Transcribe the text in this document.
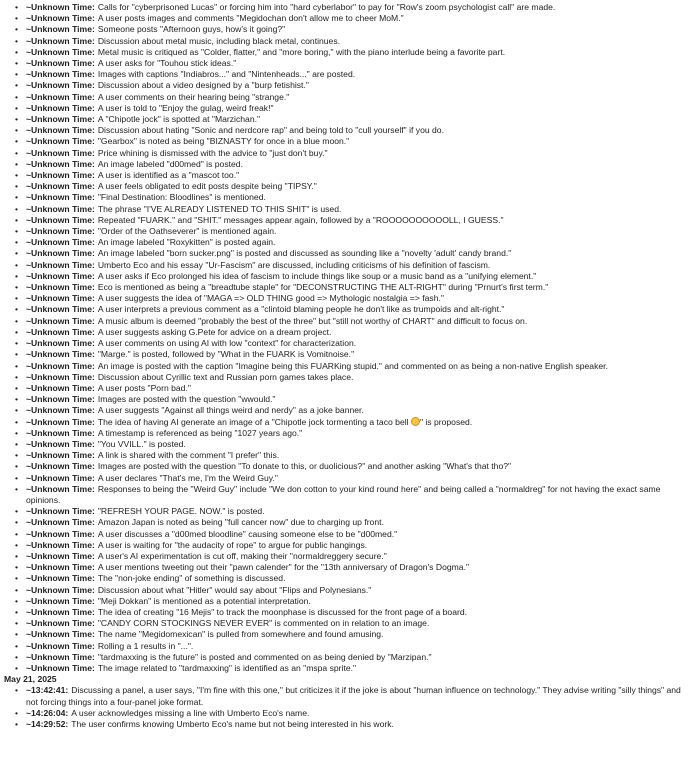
• ~Unknown Time: Calls for "cyberprisoned Lucas" or forcing him into "hard cyberlabor" to pay for "Row's zoom psychologist call" are made.
• ~Unknown Time: A user posts images and comments "Megidochan don't allow me to cheer MoM."
• ~Unknown Time: Someone posts "Afternoon guys, how's it going?"
• ~Unknown Time: Discussion about metal music, including black metal, continues.
• ~Unknown Time: Metal music is critiqued as "Colder, flatter," and "more boring," with the piano interlude being a favorite part.
• ~Unknown Time: A user asks for "Touhou stick ideas."
• ~Unknown Time: Images with captions "Indiabros..." and "Nintenheads..." are posted.
• ~Unknown Time: Discussion about a video designed by a "burp fetishist."
• ~Unknown Time: A user comments on their hearing being "strange."
• ~Unknown Time: A user is told to "Enjoy the gulag, weird freak!"
• ~Unknown Time: A "Chipotle jock" is spotted at "Marzichan."
• ~Unknown Time: Discussion about hating "Sonic and nerdcore rap" and being told to "cull yourself" if you do.
• ~Unknown Time: "Gearbox" is noted as being "BIZNASTY for once in a blue moon."
• ~Unknown Time: Price whining is dismissed with the advice to "just don't buy."
• ~Unknown Time: An image labeled "d00med" is posted.
• ~Unknown Time: A user is identified as a "mascot too."
• ~Unknown Time: A user feels obligated to edit posts despite being "TIPSY."
• ~Unknown Time: "Final Destination: Bloodlines" is mentioned.
• ~Unknown Time: The phrase "I'VE ALREADY LISTENED TO THIS SHIT" is used.
• ~Unknown Time: Repeated "FUARK." and "SHIT." messages appear again, followed by a "ROOOOOOOOOOLL, I GUESS."
• ~Unknown Time: "Order of the Oathseverer" is mentioned again.
• ~Unknown Time: An image labeled "Roxykitten" is posted again.
• ~Unknown Time: An image labeled "born sucker.png" is posted and discussed as sounding like a "novelty 'adult' candy brand."
• ~Unknown Time: Umberto Eco and his essay "Ur-Fascism" are discussed, including criticisms of his definition of fascism.
• ~Unknown Time: A user asks if Eco prolonged his idea of fascism to include things like soup or a music band as a "unifying element."
• ~Unknown Time: Eco is mentioned as being a "breadtube staple" for "DECONSTRUCTING THE ALT-RIGHT" during "Prnurt's first term."
• ~Unknown Time: A user suggests the idea of "MAGA => OLD THING good => Mythologic nostalgia => fash."
• ~Unknown Time: A user interprets a previous comment as a "clintoid blaming people he don't like as trumpoids and alt-right."
• ~Unknown Time: A music album is deemed "probably the best of the three" but "still not worthy of CHART" and difficult to focus on.
• ~Unknown Time: A user suggests asking G.Pete for advice on a dream project.
• ~Unknown Time: A user comments on using AI with low "context" for characterization.
• ~Unknown Time: "Marge." is posted, followed by "What in the FUARK is Vomitnoise."
• ~Unknown Time: An image is posted with the caption "Imagine being this FUARKing stupid." and commented on as being a non-native English speaker.
• ~Unknown Time: Discussion about Cyrillic text and Russian porn games takes place.
• ~Unknown Time: A user posts "Porn bad."
• ~Unknown Time: Images are posted with the question "wwould."
• ~Unknown Time: A user suggests "Against all things weird and nerdy" as a joke banner.
• ~Unknown Time: The idea of having AI generate an image of a "Chipotle jock tormenting a taco bell " is proposed.
• ~Unknown Time: A timestamp is referenced as being "1027 years ago."
• ~Unknown Time: "You VVILL." is posted.
• ~Unknown Time: A link is shared with the comment "I prefer" this.
• ~Unknown Time: Images are posted with the question "To donate to this, or duolicious?" and another asking "What's that tho?"
• ~Unknown Time: A user declares "That's me, I'm the Weird Guy."
• ~Unknown Time: Responses to being the "Weird Guy" include "We don cotton to your kind round here" and being called a "normaldreg" for not having the exact same opinions.
• ~Unknown Time: "REFRESH YOUR PAGE. NOW." is posted.
• ~Unknown Time: Amazon Japan is noted as being "full cancer now" due to charging up front.
• ~Unknown Time: A user discusses a "d00med bloodline" causing someone else to be "d00med."
• ~Unknown Time: A user is waiting for "the audacity of rope" to argue for public hangings.
• ~Unknown Time: A user's AI experimentation is cut off, making their "normaldreggery secure."
• ~Unknown Time: A user mentions tweeting out their "pawn calender" for the "13th anniversary of Dragon's Dogma."
• ~Unknown Time: The "non-joke ending" of something is discussed.
• ~Unknown Time: Discussion about what "Hitler" would say about "Flips and Polynesians."
• ~Unknown Time: "Meji Dokkan" is mentioned as a potential interpretation.
• ~Unknown Time: The idea of creating "16 Mejis" to track the moonphase is discussed for the front page of a board.
• ~Unknown Time: "CANDY CORN STOCKINGS NEVER EVER" is commented on in relation to an image.
• ~Unknown Time: The name "Megidomexican" is pulled from somewhere and found amusing.
• ~Unknown Time: Rolling a 1 results in "...".
• ~Unknown Time: "tardmaxxing is the future" is posted and commented on as being denied by "Marzipan."
• ~Unknown Time: The image related to "tardmaxxing" is identified as an "mspa sprite."
May 21, 2025
• ~13:42:41: Discussing a panel, a user says, "I'm fine with this one," but criticizes it if the joke is about "human influence on technology." They advise writing "silly things" and not forcing things into a four-panel joke format.
• ~14:26:04: A user acknowledges missing a line with Umberto Eco's name.
• ~14:29:52: The user confirms knowing Umberto Eco's name but not being interested in his work.
